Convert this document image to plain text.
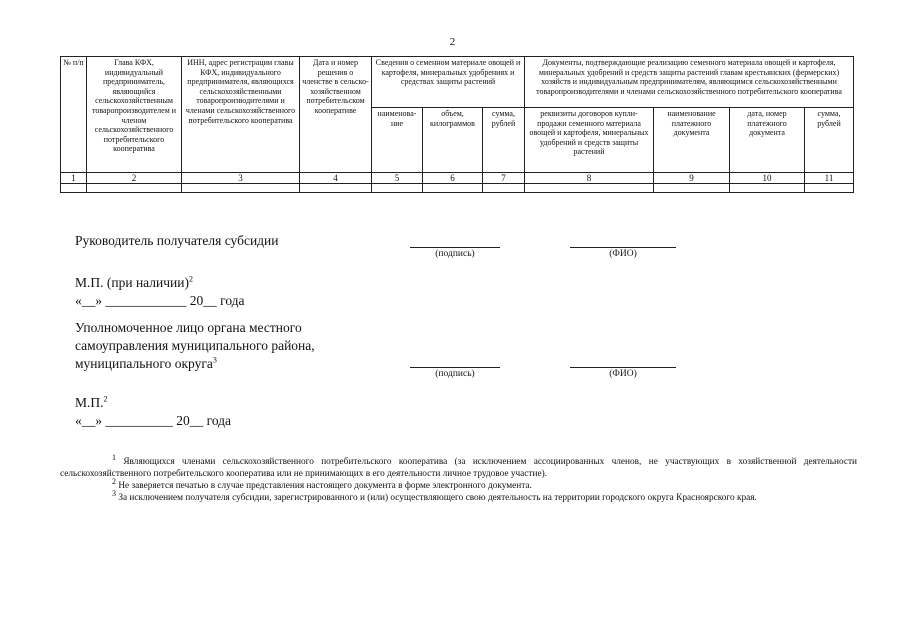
2
№ п/п	Глава КФХ, индивидуальный предприниматель, являющийся сельскохозяйственным товаропроизводителем и членом сельскохозяйственного потребительского кооператива	ИНН, адрес регистрации главы КФХ, индивидуального предпринимателя, являющихся сельскохозяйственными товаропроизводителями и членами сельскохозяйственного потребительского кооператива	Дата и номер решения о членстве в сельско-хозяйственном потребительском кооперативе	Сведения о семенном материале овощей и картофеля, минеральных удобрениях и средствах защиты растений			Документы, подтверждающие реализацию семенного материала овощей и картофеля, минеральных удобрений и средств защиты растений главам крестьянских (фермерских) хозяйств и индивидуальным предпринимателям, являющимся сельскохозяйственными товаропроизводителями и членами сельскохозяйственного потребительского кооператива			
				наименова-ние	объем, килограммов	сумма, рублей	реквизиты договоров купли-продажи семенного материала овощей и картофеля, минеральных удобрений и средств защиты растений	наименование платежного документа	дата, номер платежного документа	сумма, рублей
1	2	3	4	5	6	7	8	9	10	11

Руководитель получателя субсидии
(подпись)	(ФИО)
М.П. (при наличии)$^2$
«__» ____________ 20__ года
Уполномоченное лицо органа местного
самоуправления муниципального района,
муниципального округа$^3$
(подпись)	(ФИО)
М.П.$^2$
«__» __________ 20__ года
$^1$ Являющихся членами сельскохозяйственного потребительского кооператива (за исключением ассоциированных членов, не участвующих в хозяйственной деятельности сельскохозяйственного потребительского кооператива или не принимающих в его деятельности личное трудовое участие).
$^2$ Не заверяется печатью в случае представления настоящего документа в форме электронного документа.
$^3$ За исключением получателя субсидии, зарегистрированного и (или) осуществляющего свою деятельность на территории городского округа Красноярского края.
